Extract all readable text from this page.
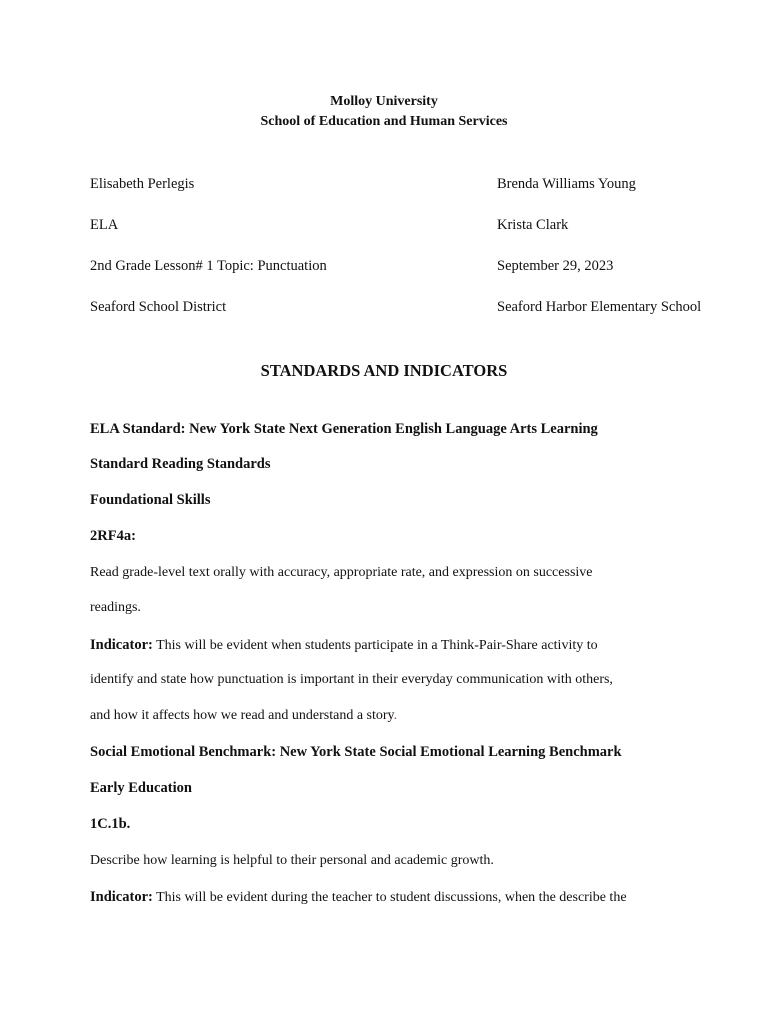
Molloy University
School of Education and Human Services
Elisabeth Perlegis
ELA
2nd Grade Lesson# 1 Topic: Punctuation
Seaford School District
Brenda Williams Young
Krista Clark
September 29, 2023
Seaford Harbor Elementary School
STANDARDS AND INDICATORS
ELA Standard: New York State Next Generation English Language Arts Learning
Standard Reading Standards
Foundational Skills
2RF4a:
Read grade-level text orally with accuracy, appropriate rate, and expression on successive
readings.
Indicator: This will be evident when students participate in a Think-Pair-Share activity to
identify and state how punctuation is important in their everyday communication with others,
and how it affects how we read and understand a story.
Social Emotional Benchmark: New York State Social Emotional Learning Benchmark
Early Education
1C.1b.
Describe how learning is helpful to their personal and academic growth.
Indicator: This will be evident during the teacher to student discussions, when the describe the
